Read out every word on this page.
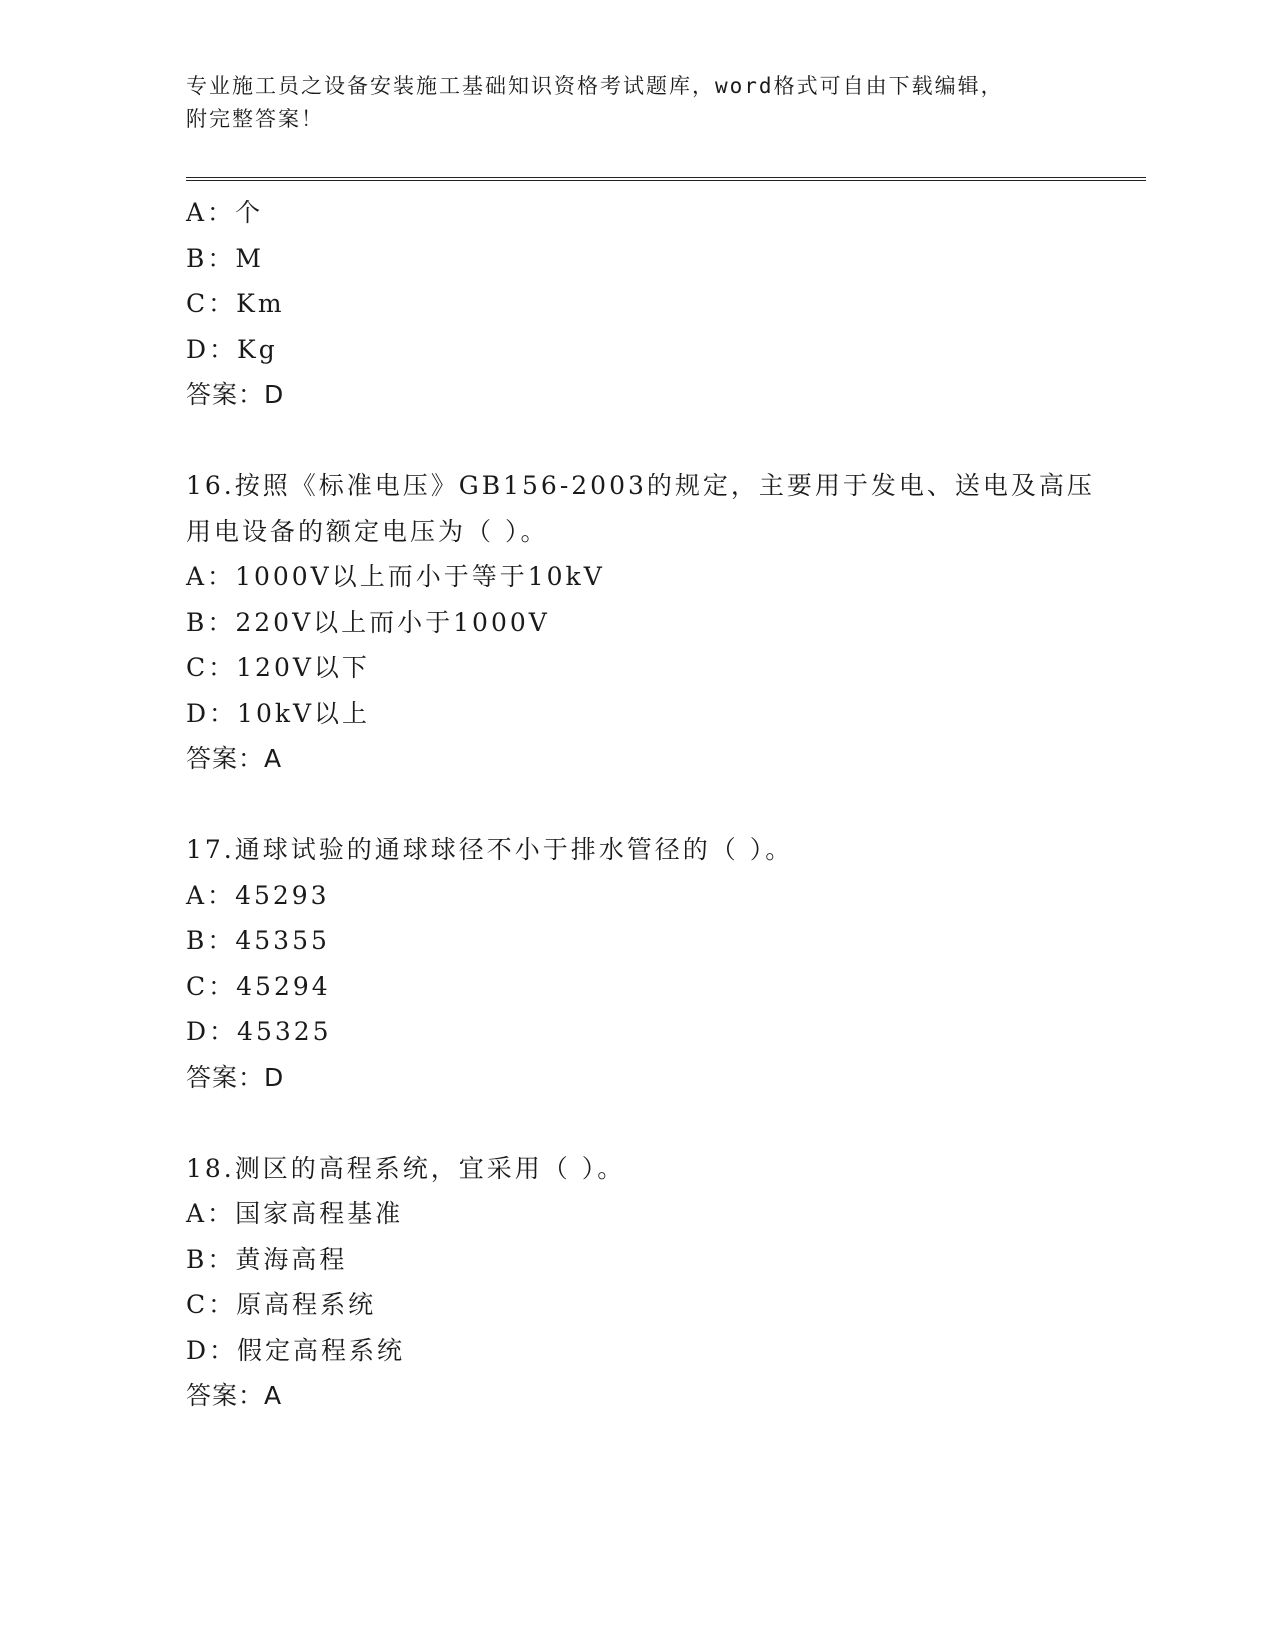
专业施工员之设备安装施工基础知识资格考试题库，word格式可自由下载编辑，
附完整答案！
A：个
B：M
C：Km
D：Kg
答案：D
16.按照《标准电压》GB156-2003的规定，主要用于发电、送电及高压
用电设备的额定电压为（ ）。
A：1000V以上而小于等于10kV
B：220V以上而小于1000V
C：120V以下
D：10kV以上
答案：A
17.通球试验的通球球径不小于排水管径的（ ）。
A：45293
B：45355
C：45294
D：45325
答案：D
18.测区的高程系统，宜采用（ ）。
A：国家高程基准
B：黄海高程
C：原高程系统
D：假定高程系统
答案：A
